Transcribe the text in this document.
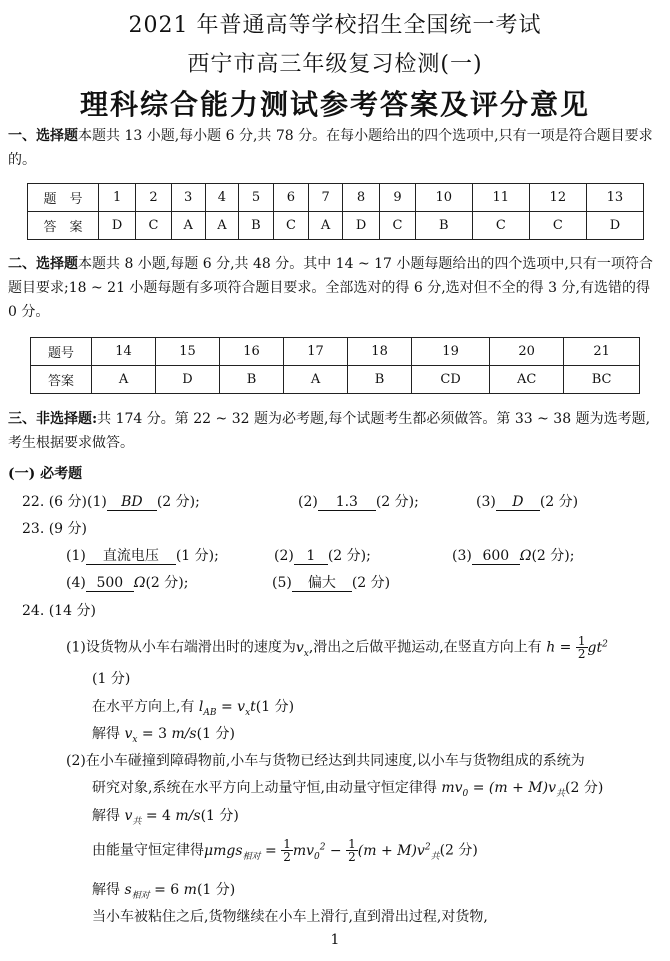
2021 年普通高等学校招生全国统一考试
西宁市高三年级复习检测(一)
理科综合能力测试参考答案及评分意见
一、选择题本题共 13 小题,每小题 6 分,共 78 分。在每小题给出的四个选项中,只有一项是符合题目要求的。
题　号	1	2	3	4	5	6	7	8	9	10	11	12	13
答　案	D	C	A	A	B	C	A	D	C	B	C	C	D
二、选择题本题共 8 小题,每题 6 分,共 48 分。其中 14 ~ 17 小题每题给出的四个选项中,只有一项符合题目要求;18 ~ 21 小题每题有多项符合题目要求。全部选对的得 6 分,选对但不全的得 3 分,有选错的得 0 分。
题号	14	15	16	17	18	19	20	21
答案	A	D	B	A	B	CD	AC	BC
三、非选择题:共 174 分。第 22 ~ 32 题为必考题,每个试题考生都必须做答。第 33 ~ 38 题为选考题,考生根据要求做答。
(一) 必考题
22. (6 分)(1) BD (2 分);	(2) 1.3 (2 分);	(3) D (2 分)
23. (9 分)
(1) 直流电压 (1 分);	(2) 1 (2 分);	(3) 600 Ω(2 分);
(4) 500 Ω(2 分);	(5) 偏大 (2 分)
24. (14 分)
(1)设货物从小车右端滑出时的速度为$v_x$,滑出之后做平抛运动,在竖直方向上有 $h = \frac{1}{2} gt^2$
(1 分)
在水平方向上,有 $l_{AB} = v_xt(1$ 分)
解得 $v_x = 3$ m/s(1 分)
(2)在小车碰撞到障碍物前,小车与货物已经达到共同速度,以小车与货物组成的系统为
研究对象,系统在水平方向上动量守恒,由动量守恒定律得 $mv_0 = (m + M)v_共(2$ 分)
解得 $v_共 = 4$ m/s(1 分)
由能量守恒定律得$\mu mgs_{相对} = \frac{1}{2} mv_0^2 - \frac{1}{2} (m + M)v^2_共(2$ 分)
解得 $s_{相对} = 6$ m(1 分)
当小车被粘住之后,货物继续在小车上滑行,直到滑出过程,对货物,
1
